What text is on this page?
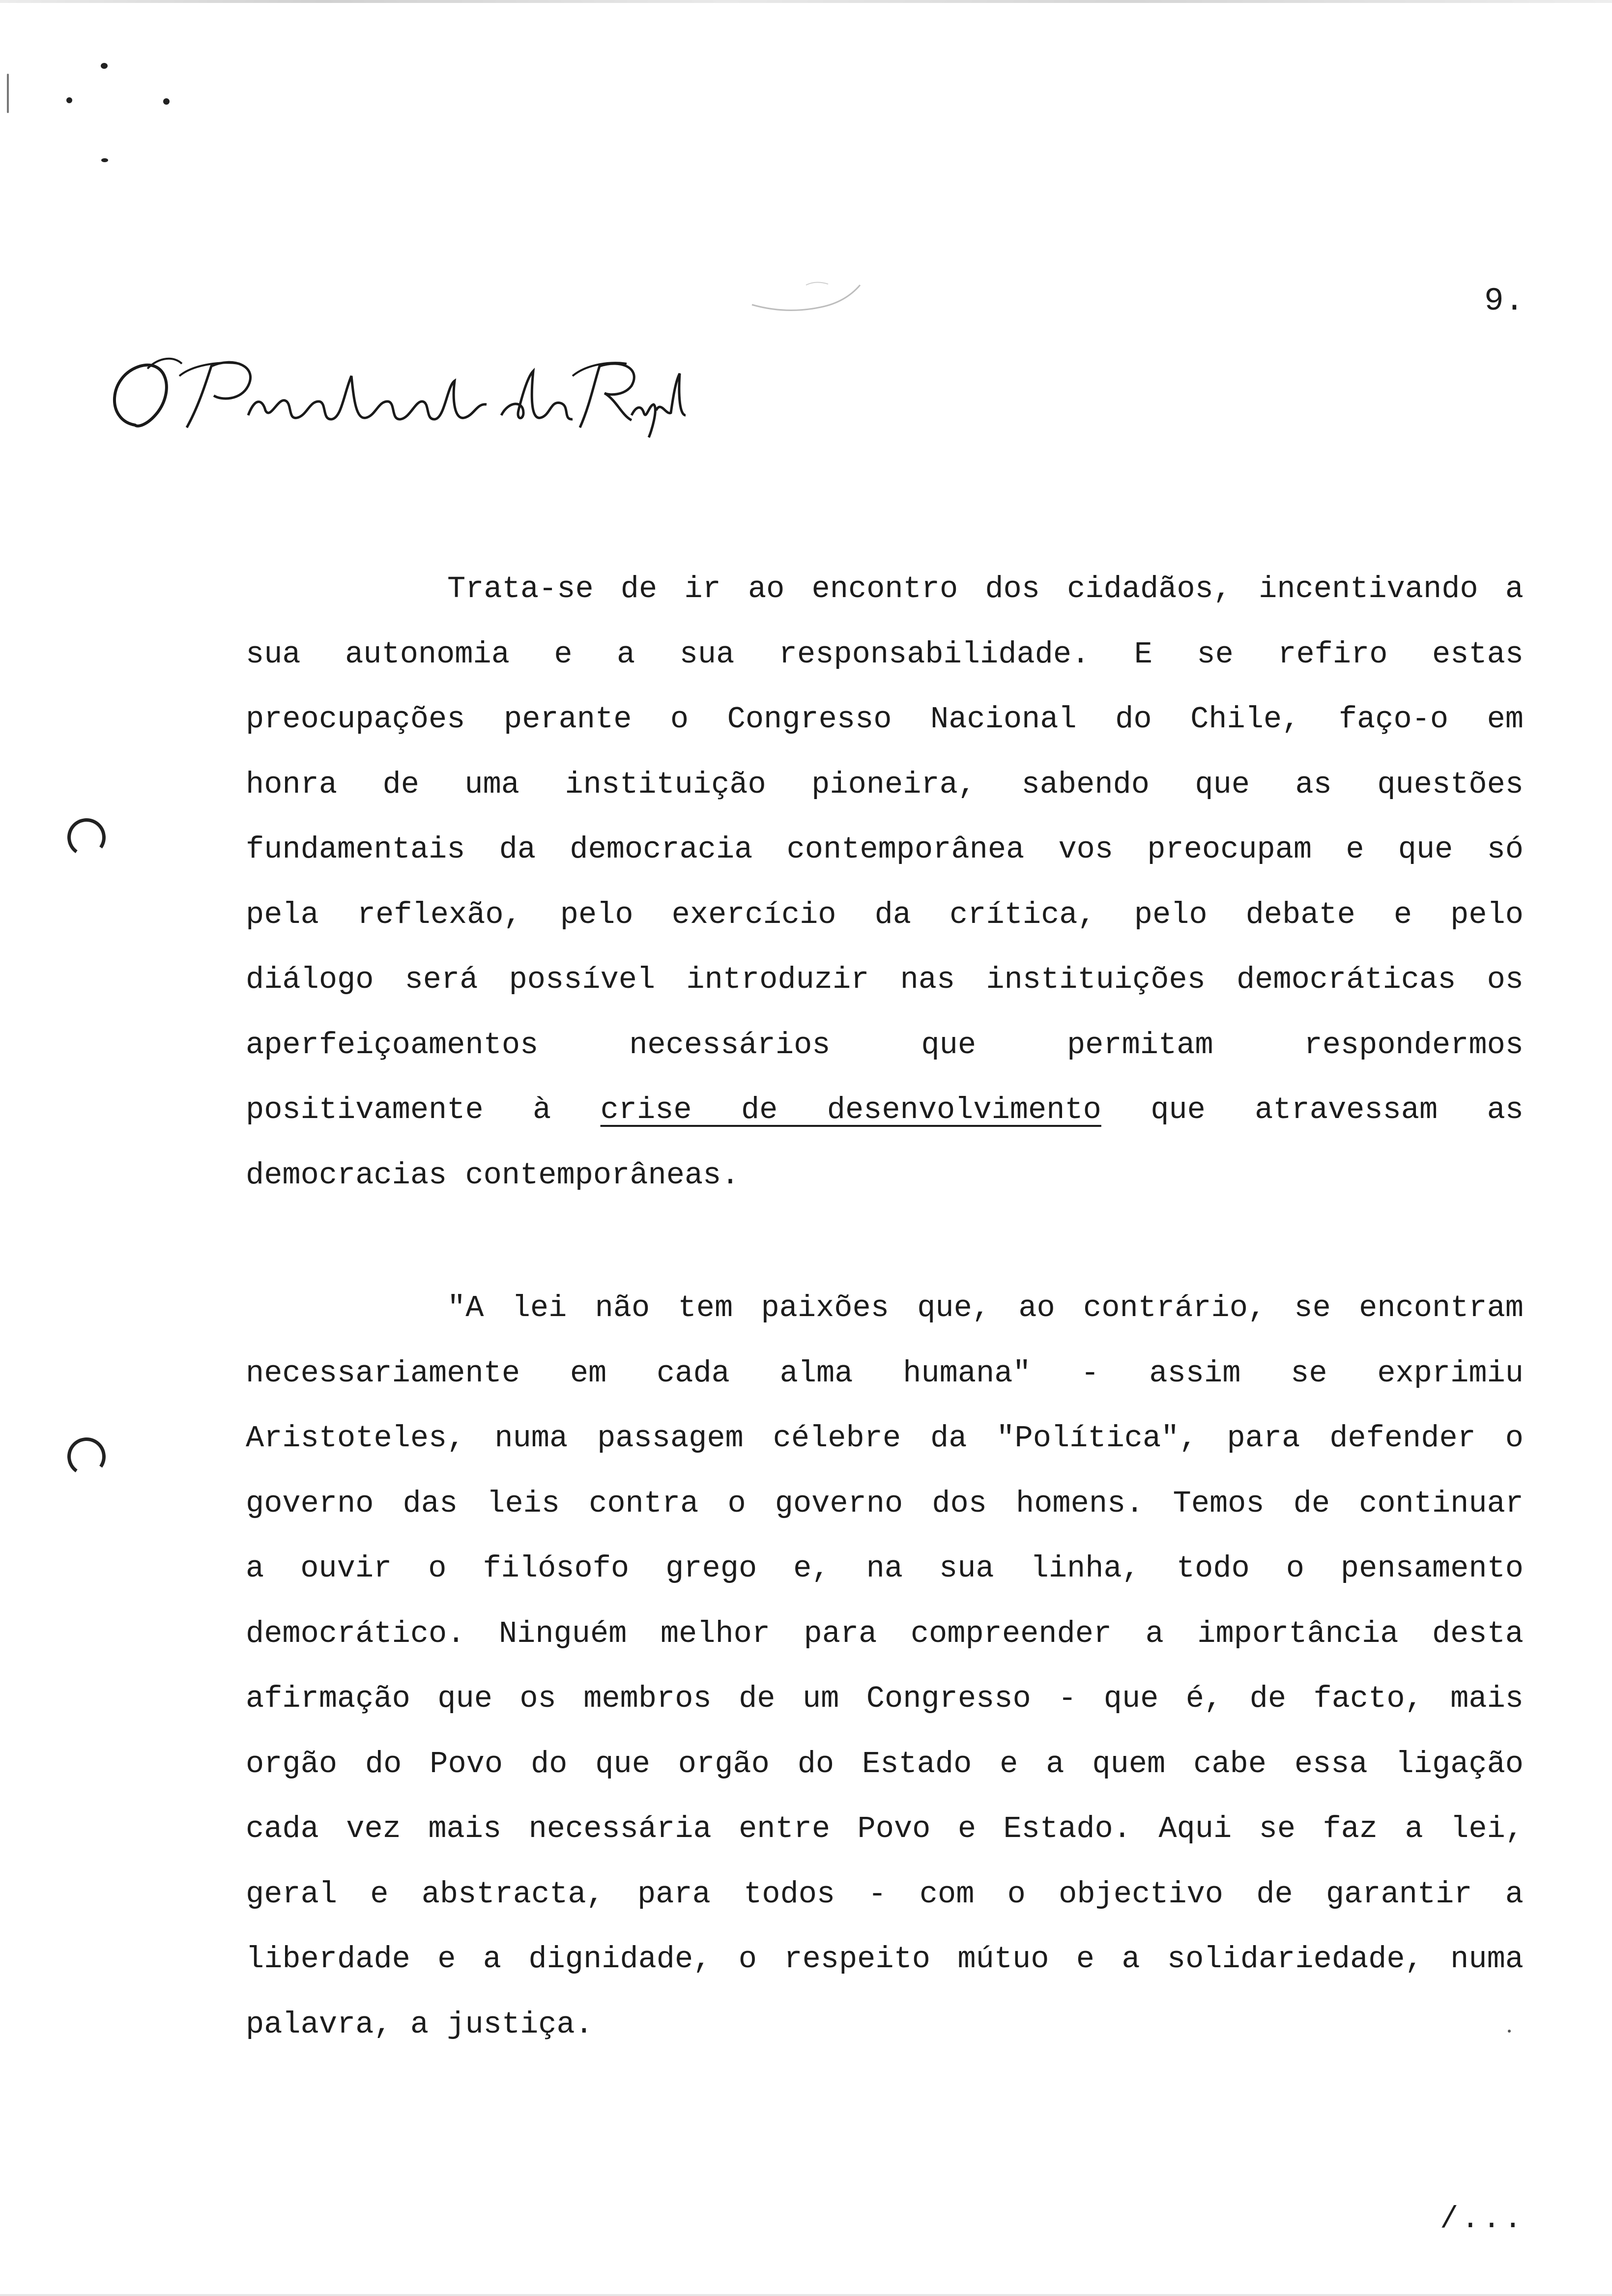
9.
Trata-se de ir ao encontro dos cidadãos, incentivando a
sua autonomia e a sua responsabilidade. E se refiro estas
preocupações perante o Congresso Nacional do Chile, faço-o em
honra de uma instituição pioneira, sabendo que as questões
fundamentais da democracia contemporânea vos preocupam e que só
pela reflexão, pelo exercício da crítica, pelo debate e pelo
diálogo será possível introduzir nas instituições democráticas os
aperfeiçoamentos necessários que permitam respondermos
positivamente à crise de desenvolvimento que atravessam as
democracias contemporâneas.
"A lei não tem paixões que, ao contrário, se encontram
necessariamente em cada alma humana" - assim se exprimiu
Aristoteles, numa passagem célebre da "Política", para defender o
governo das leis contra o governo dos homens. Temos de continuar
a ouvir o filósofo grego e, na sua linha, todo o pensamento
democrático. Ninguém melhor para compreender a importância desta
afirmação que os membros de um Congresso - que é, de facto, mais
orgão do Povo do que orgão do Estado e a quem cabe essa ligação
cada vez mais necessária entre Povo e Estado. Aqui se faz a lei,
geral e abstracta, para todos - com o objectivo de garantir a
liberdade e a dignidade, o respeito mútuo e a solidariedade, numa
palavra, a justiça.
/...
